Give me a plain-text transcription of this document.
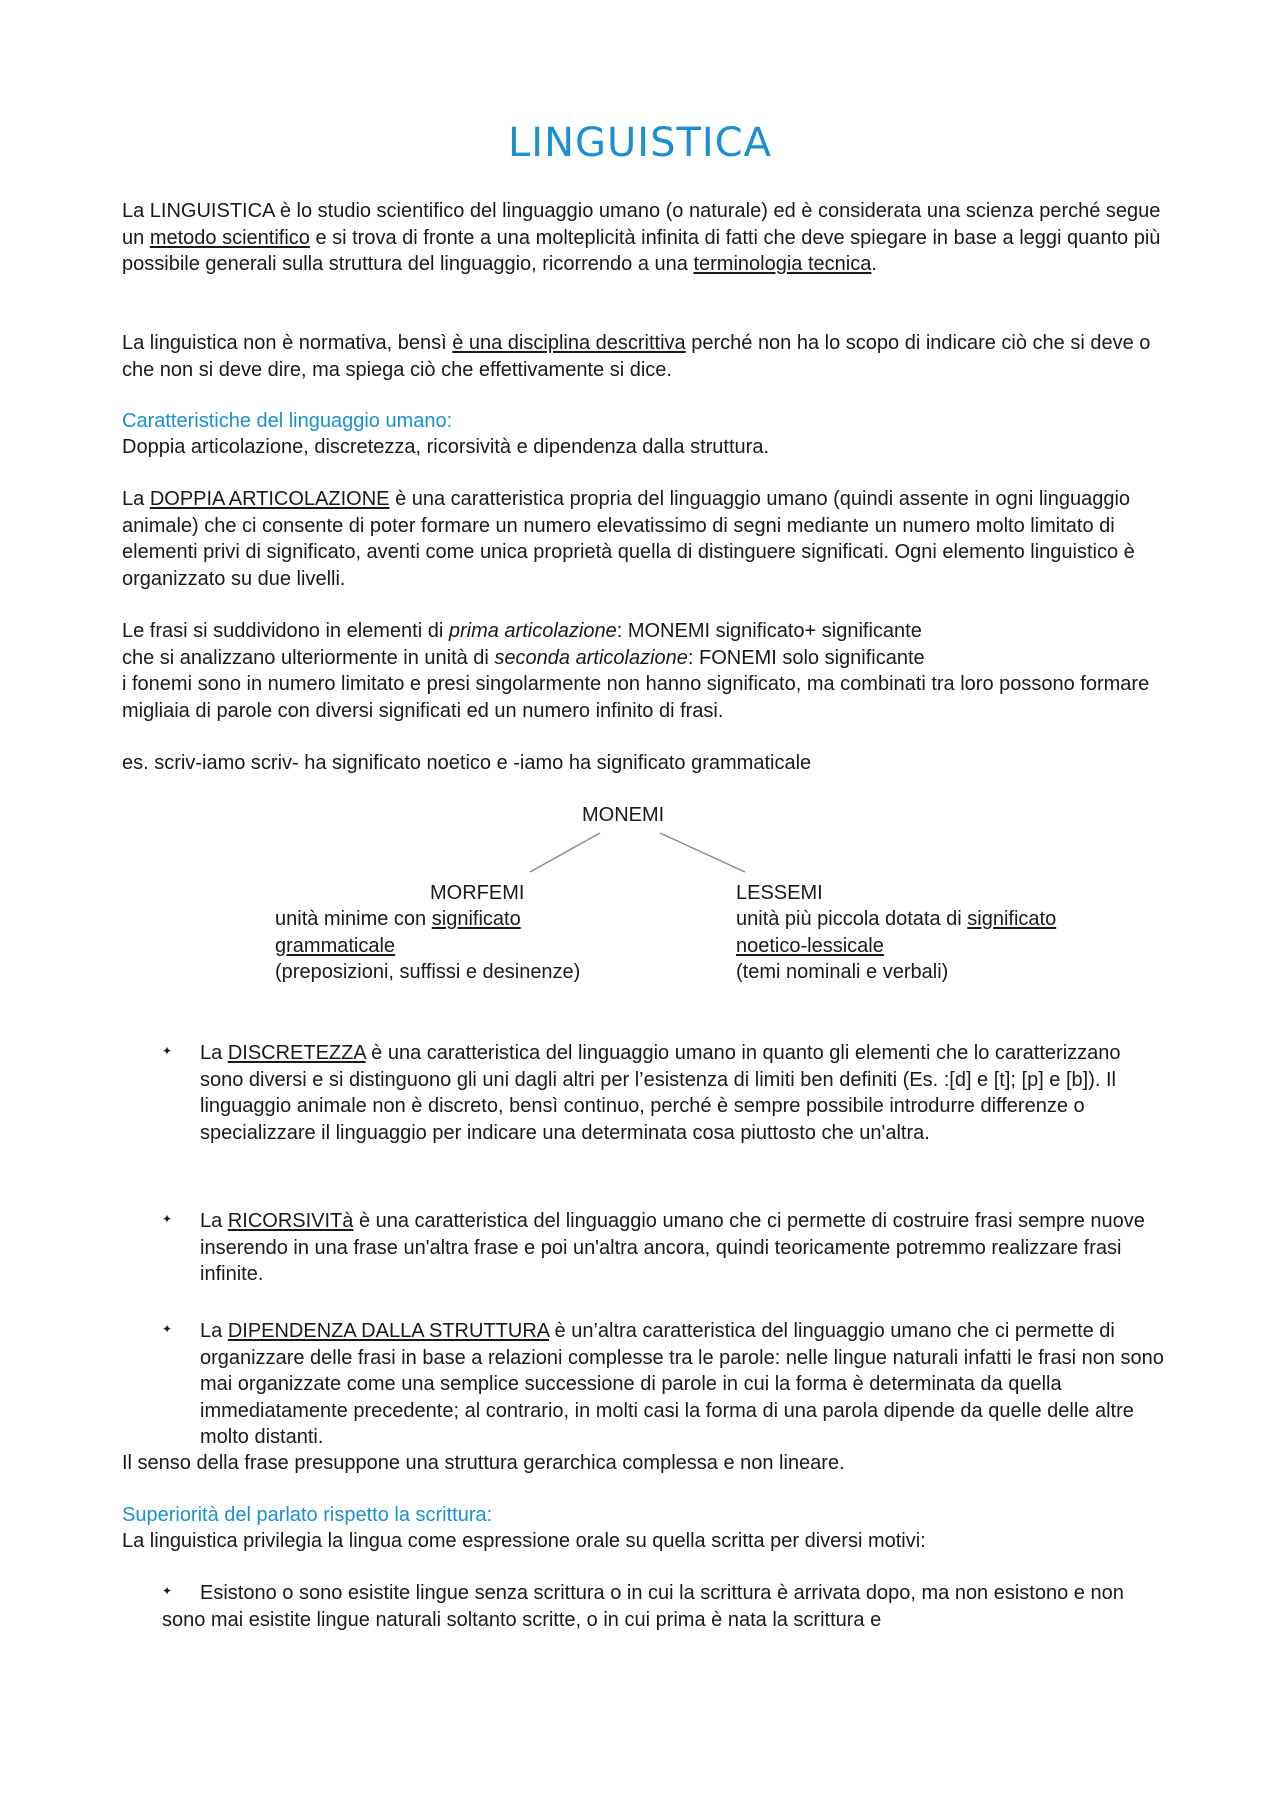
LINGUISTICA

La LINGUISTICA è lo studio scientifico del linguaggio umano (o naturale) ed è considerata una scienza perché segue un metodo scientifico e si trova di fronte a una molteplicità infinita di fatti che deve spiegare in base a leggi quanto più possibile generali sulla struttura del linguaggio, ricorrendo a una terminologia tecnica.

La linguistica non è normativa, bensì è una disciplina descrittiva perché non ha lo scopo di indicare ciò che si deve o che non si deve dire, ma spiega ciò che effettivamente si dice.

Caratteristiche del linguaggio umano:

Doppia articolazione, discretezza, ricorsività e dipendenza dalla struttura.

La DOPPIA ARTICOLAZIONE è una caratteristica propria del linguaggio umano (quindi assente in ogni linguaggio animale) che ci consente di poter formare un numero elevatissimo di segni mediante un numero molto limitato di elementi privi di significato, aventi come unica proprietà quella di distinguere significati. Ogni elemento linguistico è organizzato su due livelli.

Le frasi si suddividono in elementi di prima articolazione: MONEMI significato+ significante
che si analizzano ulteriormente in unità di seconda articolazione: FONEMI solo significante
i fonemi sono in numero limitato e presi singolarmente non hanno significato, ma combinati tra loro possono formare migliaia di parole con diversi significati ed un numero infinito di frasi.

es. scriv-iamo scriv- ha significato noetico e -iamo ha significato grammaticale

MONEMI
MORFEMI
unità minime con significato
grammaticale
(preposizioni, suffissi e desinenze)
LESSEMI
unità più piccola dotata di significato
noetico-lessicale
(temi nominali e verbali)
✦ La DISCRETEZZA è una caratteristica del linguaggio umano in quanto gli elementi che lo caratterizzano sono diversi e si distinguono gli uni dagli altri per l’esistenza di limiti ben definiti (Es. :[d] e [t]; [p] e [b]). Il linguaggio animale non è discreto, bensì continuo, perché è sempre possibile introdurre differenze o specializzare il linguaggio per indicare una determinata cosa piuttosto che un'altra.

✦ La RICORSIVITà è una caratteristica del linguaggio umano che ci permette di costruire frasi sempre nuove inserendo in una frase un'altra frase e poi un'altra ancora, quindi teoricamente potremmo realizzare frasi infinite.

✦ La DIPENDENZA DALLA STRUTTURA è un’altra caratteristica del linguaggio umano che ci permette di organizzare delle frasi in base a relazioni complesse tra le parole: nelle lingue naturali infatti le frasi non sono mai organizzate come una semplice successione di parole in cui la forma è determinata da quella immediatamente precedente; al contrario, in molti casi la forma di una parola dipende da quelle delle altre molto distanti.

Il senso della frase presuppone una struttura gerarchica complessa e non lineare.

Superiorità del parlato rispetto la scrittura:

La linguistica privilegia la lingua come espressione orale su quella scritta per diversi motivi:

✦	Esistono o sono esistite lingue senza scrittura o in cui la scrittura è arrivata dopo, ma non esistono e non sono mai esistite lingue naturali soltanto scritte, o in cui prima è nata la scrittura e
